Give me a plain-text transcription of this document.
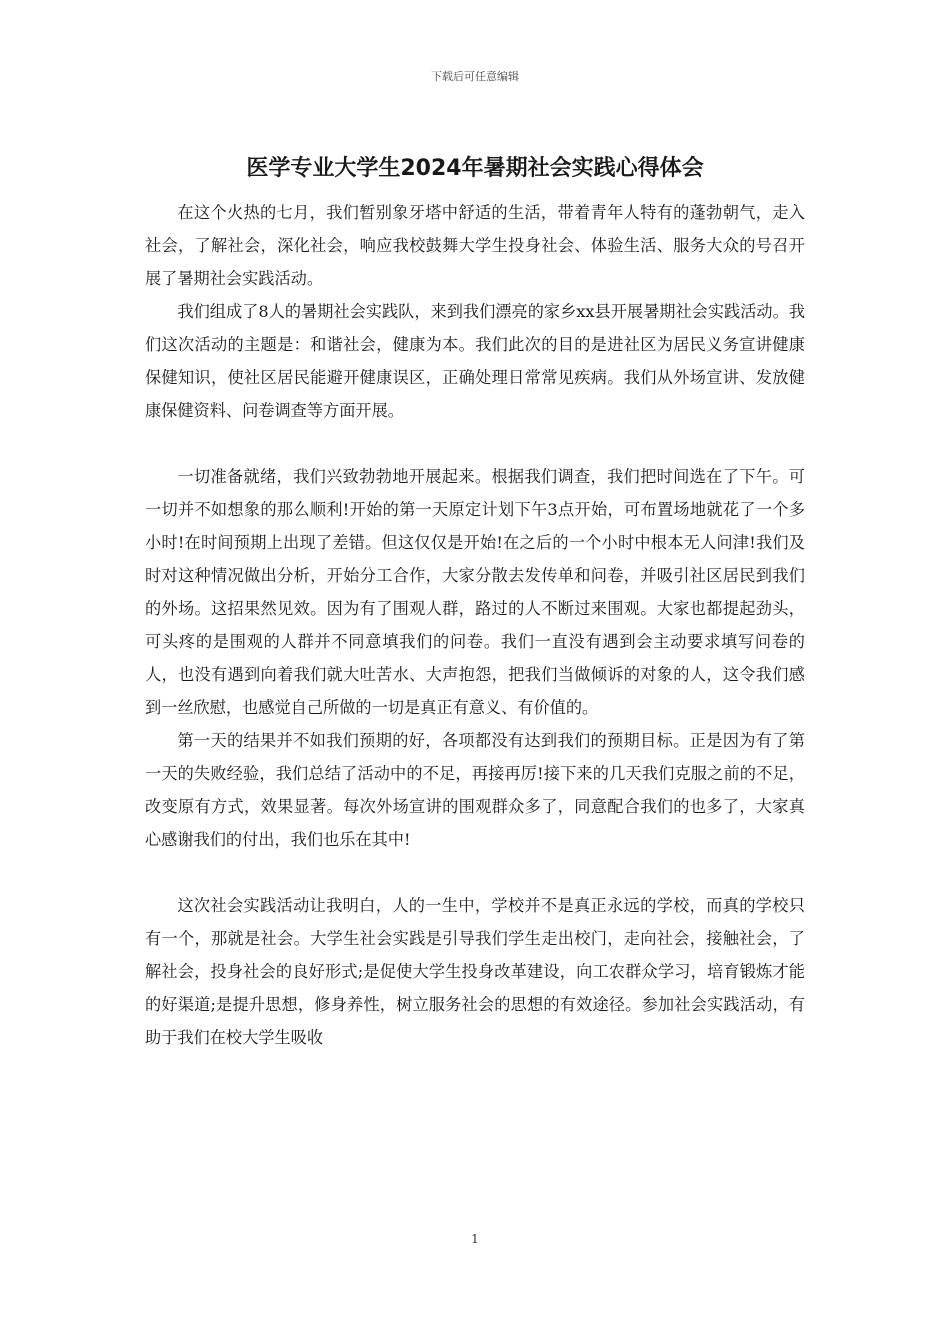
下载后可任意编辑
医学专业大学生2024年暑期社会实践心得体会

在这个火热的七月，我们暂别象牙塔中舒适的生活，带着青年人特有的蓬勃朝气，走入社会，了解社会，深化社会，响应我校鼓舞大学生投身社会、体验生活、服务大众的号召开展了暑期社会实践活动。

我们组成了8人的暑期社会实践队，来到我们漂亮的家乡xx县开展暑期社会实践活动。我们这次活动的主题是：和谐社会，健康为本。我们此次的目的是进社区为居民义务宣讲健康保健知识，使社区居民能避开健康误区，正确处理日常常见疾病。我们从外场宣讲、发放健康保健资料、问卷调查等方面开展。

一切准备就绪，我们兴致勃勃地开展起来。根据我们调查，我们把时间选在了下午。可一切并不如想象的那么顺利!开始的第一天原定计划下午3点开始，可布置场地就花了一个多小时!在时间预期上出现了差错。但这仅仅是开始!在之后的一个小时中根本无人问津!我们及时对这种情况做出分析，开始分工合作，大家分散去发传单和问卷，并吸引社区居民到我们的外场。这招果然见效。因为有了围观人群，路过的人不断过来围观。大家也都提起劲头，可头疼的是围观的人群并不同意填我们的问卷。我们一直没有遇到会主动要求填写问卷的人，也没有遇到向着我们就大吐苦水、大声抱怨，把我们当做倾诉的对象的人，这令我们感到一丝欣慰，也感觉自己所做的一切是真正有意义、有价值的。

第一天的结果并不如我们预期的好，各项都没有达到我们的预期目标。正是因为有了第一天的失败经验，我们总结了活动中的不足，再接再厉!接下来的几天我们克服之前的不足，改变原有方式，效果显著。每次外场宣讲的围观群众多了，同意配合我们的也多了，大家真心感谢我们的付出，我们也乐在其中!

这次社会实践活动让我明白，人的一生中，学校并不是真正永远的学校，而真的学校只有一个，那就是社会。大学生社会实践是引导我们学生走出校门，走向社会，接触社会，了解社会，投身社会的良好形式;是促使大学生投身改革建设，向工农群众学习，培育锻炼才能的好渠道;是提升思想，修身养性，树立服务社会的思想的有效途径。参加社会实践活动，有助于我们在校大学生吸收

1
